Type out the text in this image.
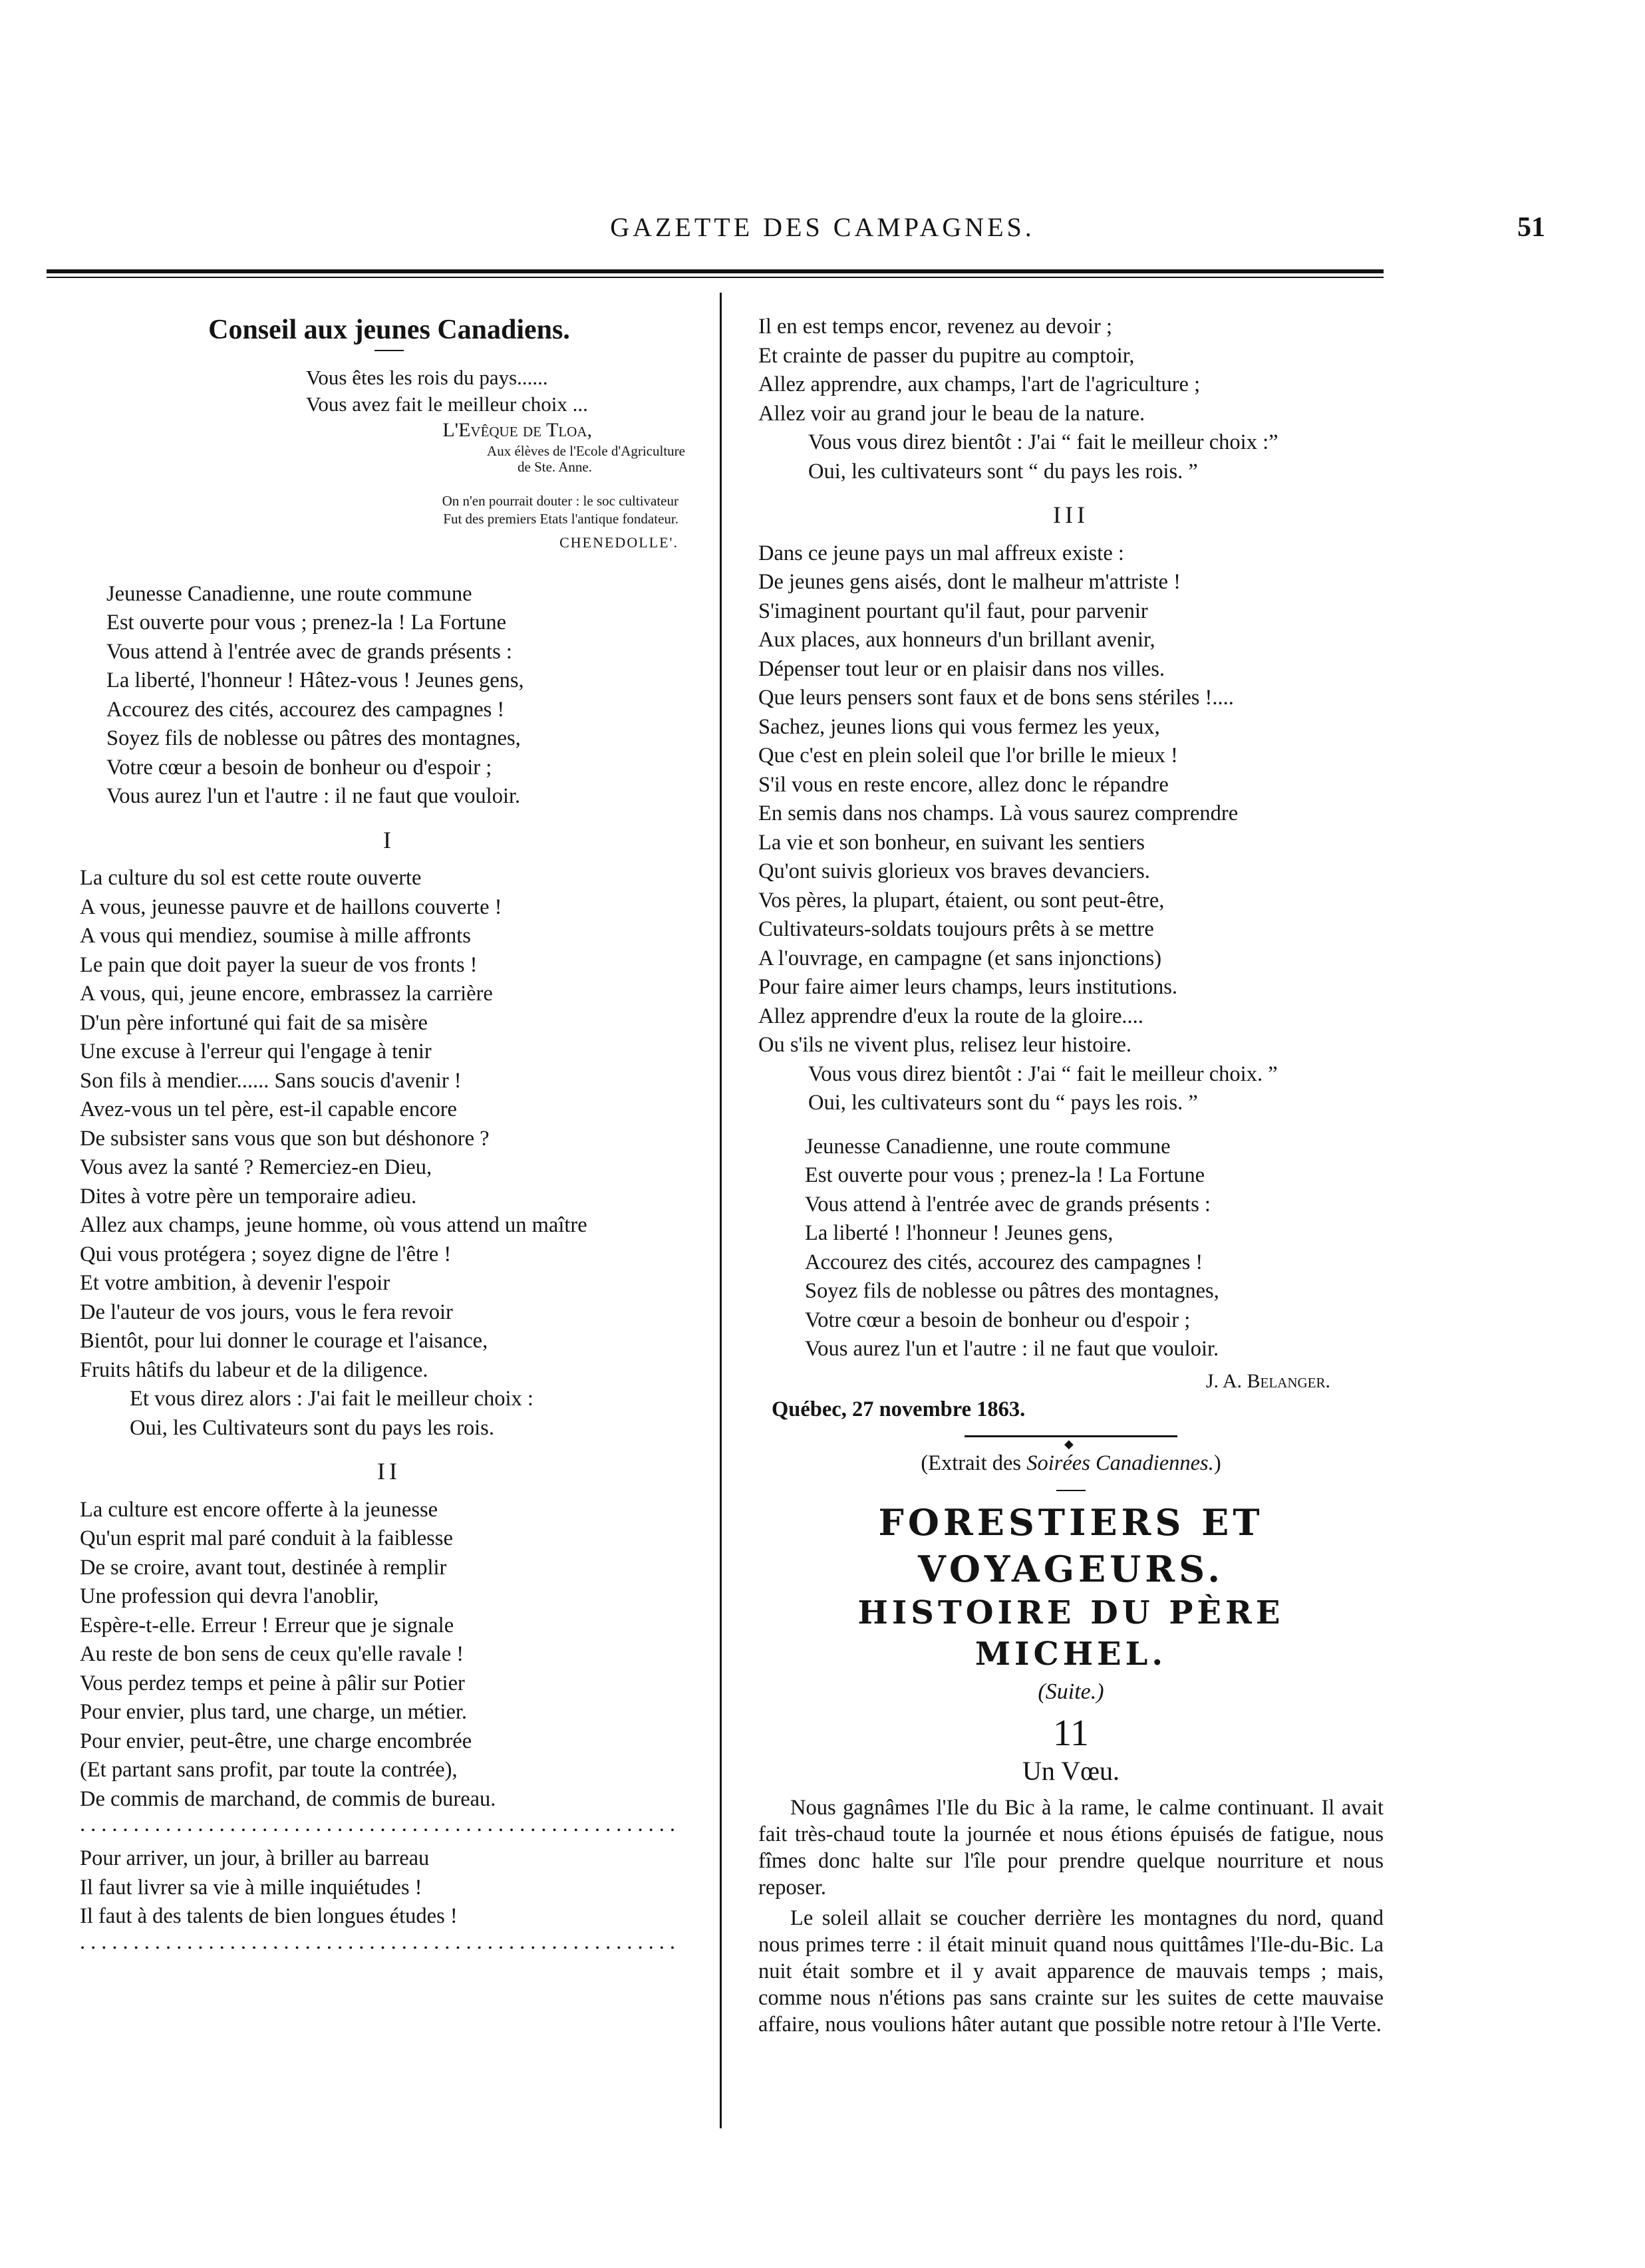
GAZETTE DES CAMPAGNES.	51
Conseil aux jeunes Canadiens.
Vous êtes les rois du pays......
Vous avez fait le meilleur choix ...
L'Evêque de Tloa,
Aux élèves de l'Ecole d'Agriculture
de Ste. Anne.
On n'en pourrait douter : le soc cultivateur
Fut des premiers Etats l'antique fondateur.
CHENEDOLLE'.
Jeunesse Canadienne, une route commune
Est ouverte pour vous ; prenez-la ! La Fortune
Vous attend à l'entrée avec de grands présents :
La liberté, l'honneur ! Hâtez-vous ! Jeunes gens,
Accourez des cités, accourez des campagnes !
Soyez fils de noblesse ou pâtres des montagnes,
Votre cœur a besoin de bonheur ou d'espoir ;
Vous aurez l'un et l'autre : il ne faut que vouloir.
I
La culture du sol est cette route ouverte
A vous, jeunesse pauvre et de haillons couverte !
A vous qui mendiez, soumise à mille affronts
Le pain que doit payer la sueur de vos fronts !
A vous, qui, jeune encore, embrassez la carrière
D'un père infortuné qui fait de sa misère
Une excuse à l'erreur qui l'engage à tenir
Son fils à mendier...... Sans soucis d'avenir !
Avez-vous un tel père, est-il capable encore
De subsister sans vous que son but déshonore ?
Vous avez la santé ? Remerciez-en Dieu,
Dites à votre père un temporaire adieu.
Allez aux champs, jeune homme, où vous attend un maître
Qui vous protégera ; soyez digne de l'être !
Et votre ambition, à devenir l'espoir
De l'auteur de vos jours, vous le fera revoir
Bientôt, pour lui donner le courage et l'aisance,
Fruits hâtifs du labeur et de la diligence.
Et vous direz alors : J'ai fait le meilleur choix :
Oui, les Cultivateurs sont du pays les rois.
II
La culture est encore offerte à la jeunesse
Qu'un esprit mal paré conduit à la faiblesse
De se croire, avant tout, destinée à remplir
Une profession qui devra l'anoblir,
Espère-t-elle. Erreur ! Erreur que je signale
Au reste de bon sens de ceux qu'elle ravale !
Vous perdez temps et peine à pâlir sur Potier
Pour envier, plus tard, une charge, un métier.
Pour envier, peut-être, une charge encombrée
(Et partant sans profit, par toute la contrée),
De commis de marchand, de commis de bureau.
........................................................
Pour arriver, un jour, à briller au barreau
Il faut livrer sa vie à mille inquiétudes !
Il faut à des talents de bien longues études !
........................................................
Il en est temps encor, revenez au devoir ;
Et crainte de passer du pupitre au comptoir,
Allez apprendre, aux champs, l'art de l'agriculture ;
Allez voir au grand jour le beau de la nature.
Vous vous direz bientôt : J'ai “ fait le meilleur choix :”
Oui, les cultivateurs sont “ du pays les rois. ”
III
Dans ce jeune pays un mal affreux existe :
De jeunes gens aisés, dont le malheur m'attriste !
S'imaginent pourtant qu'il faut, pour parvenir
Aux places, aux honneurs d'un brillant avenir,
Dépenser tout leur or en plaisir dans nos villes.
Que leurs pensers sont faux et de bons sens stériles !....
Sachez, jeunes lions qui vous fermez les yeux,
Que c'est en plein soleil que l'or brille le mieux !
S'il vous en reste encore, allez donc le répandre
En semis dans nos champs. Là vous saurez comprendre
La vie et son bonheur, en suivant les sentiers
Qu'ont suivis glorieux vos braves devanciers.
Vos pères, la plupart, étaient, ou sont peut-être,
Cultivateurs-soldats toujours prêts à se mettre
A l'ouvrage, en campagne (et sans injonctions)
Pour faire aimer leurs champs, leurs institutions.
Allez apprendre d'eux la route de la gloire....
Ou s'ils ne vivent plus, relisez leur histoire.
Vous vous direz bientôt : J'ai “ fait le meilleur choix. ”
Oui, les cultivateurs sont du “ pays les rois. ”
Jeunesse Canadienne, une route commune
Est ouverte pour vous ; prenez-la ! La Fortune
Vous attend à l'entrée avec de grands présents :
La liberté ! l'honneur ! Jeunes gens,
Accourez des cités, accourez des campagnes !
Soyez fils de noblesse ou pâtres des montagnes,
Votre cœur a besoin de bonheur ou d'espoir ;
Vous aurez l'un et l'autre : il ne faut que vouloir.
J. A. Belanger.
Québec, 27 novembre 1863.
◆
(Extrait des Soirées Canadiennes.)
FORESTIERS ET VOYAGEURS.
HISTOIRE DU PÈRE MICHEL.
(Suite.)
11
Un Vœu.

Nous gagnâmes l'Ile du Bic à la rame, le calme continuant. Il avait fait très-chaud toute la journée et nous étions épuisés de fatigue, nous fîmes donc halte sur l'île pour prendre quelque nourriture et nous reposer.

Le soleil allait se coucher derrière les montagnes du nord, quand nous primes terre : il était minuit quand nous quittâmes l'Ile-du-Bic. La nuit était sombre et il y avait apparence de mauvais temps ; mais, comme nous n'étions pas sans crainte sur les suites de cette mauvaise affaire, nous voulions hâter autant que possible notre retour à l'Ile Verte.
